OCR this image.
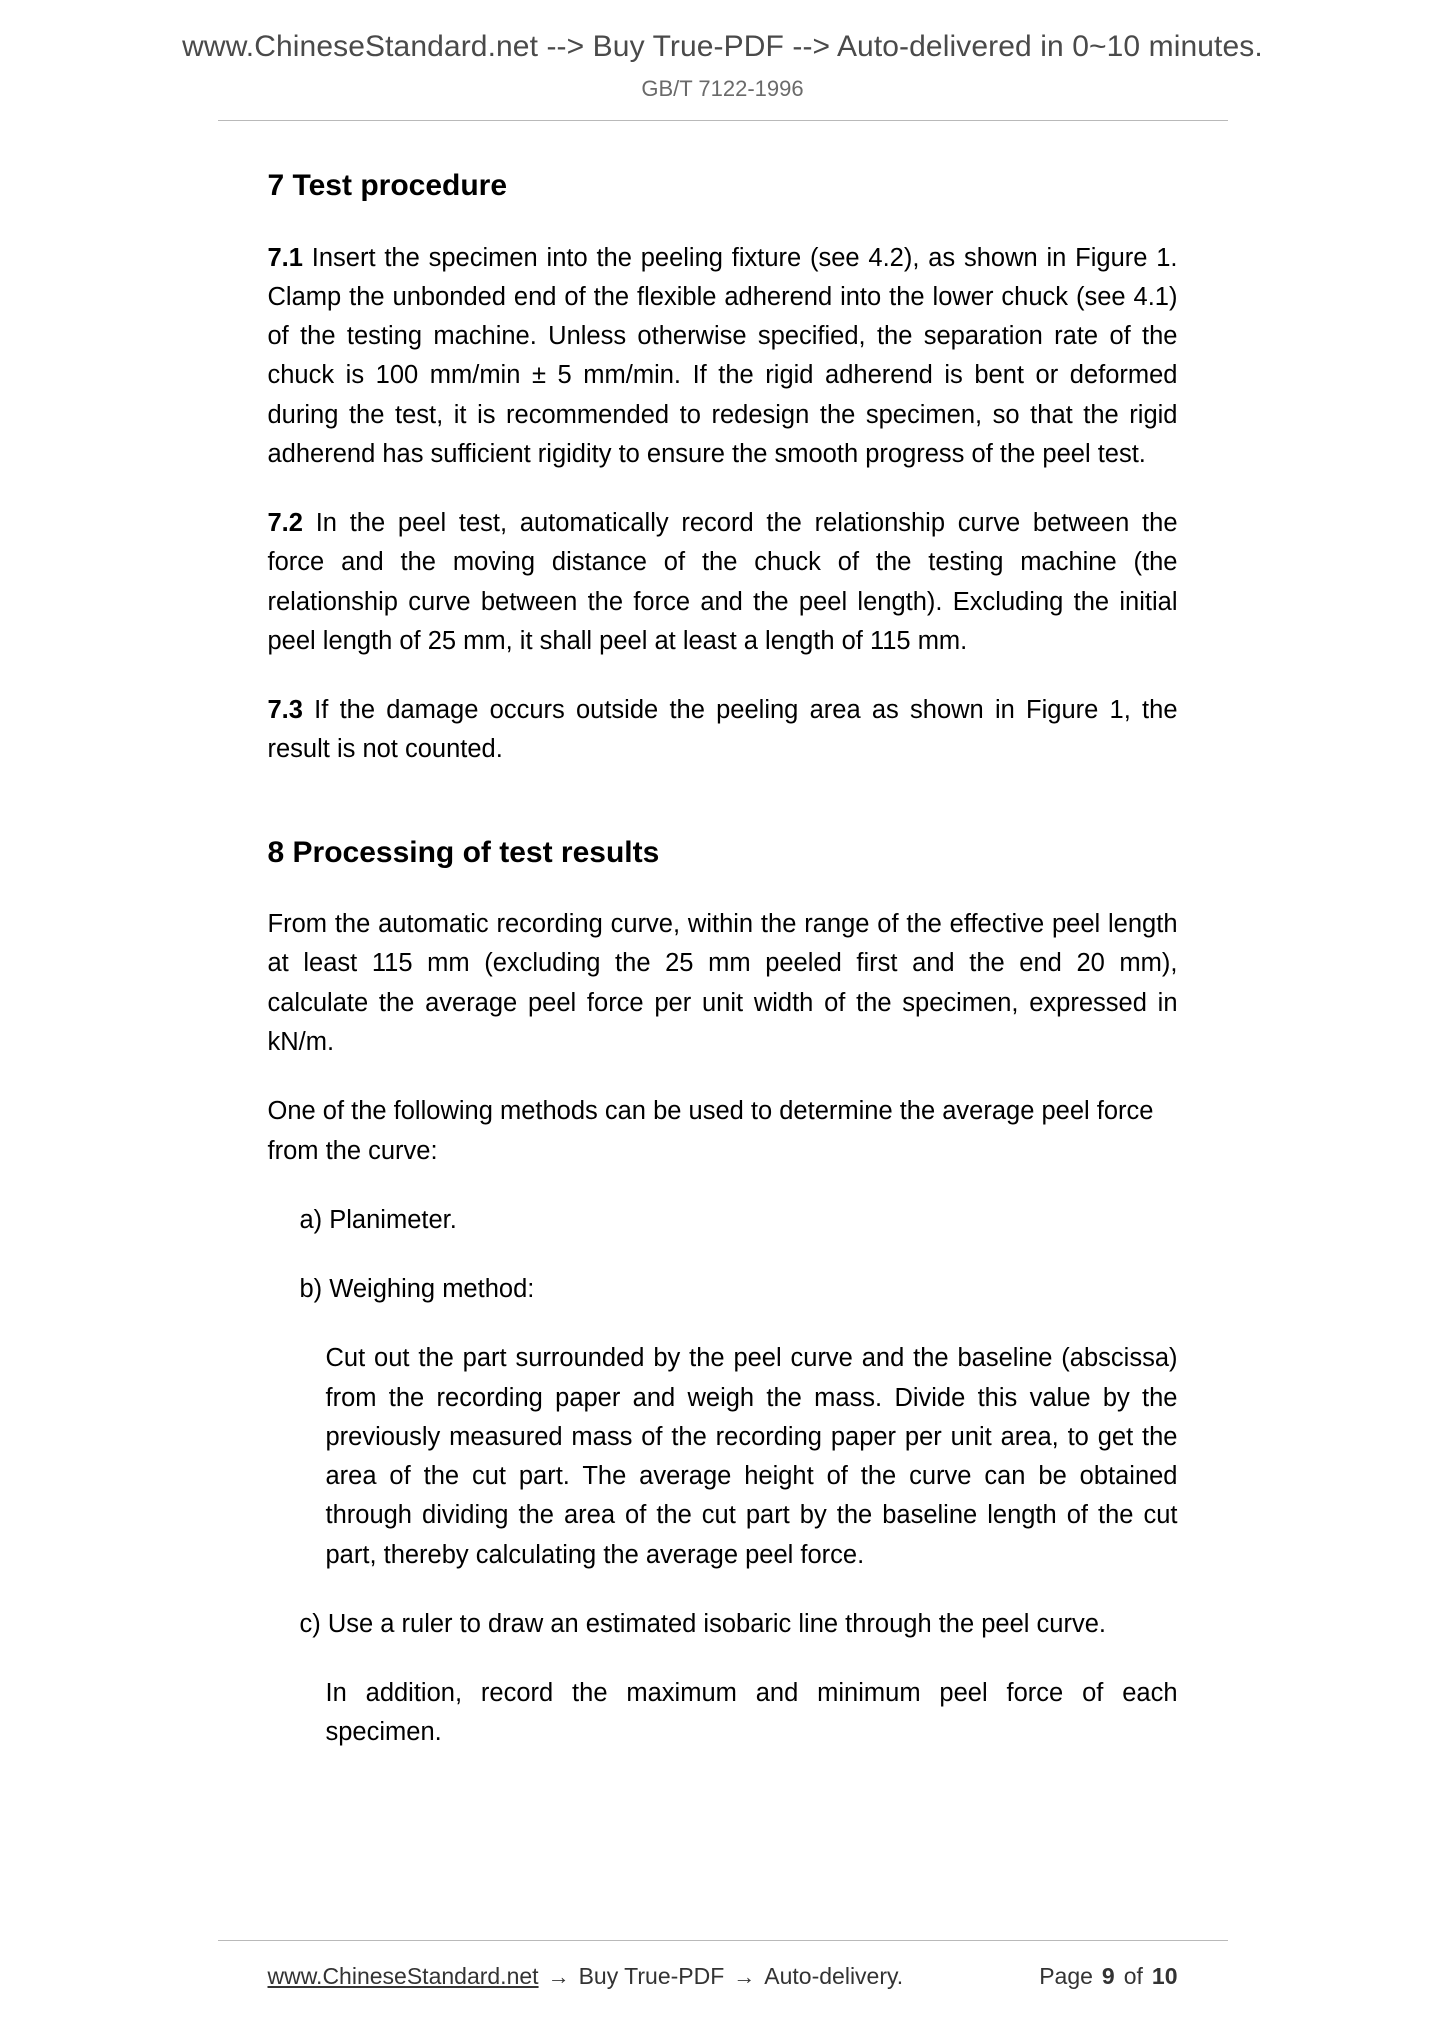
www.ChineseStandard.net --> Buy True-PDF --> Auto-delivered in 0~10 minutes.
GB/T 7122-1996
7 Test procedure

7.1 Insert the specimen into the peeling fixture (see 4.2), as shown in Figure 1. Clamp the unbonded end of the flexible adherend into the lower chuck (see 4.1) of the testing machine. Unless otherwise specified, the separation rate of the chuck is 100 mm/min ± 5 mm/min. If the rigid adherend is bent or deformed during the test, it is recommended to redesign the specimen, so that the rigid adherend has sufficient rigidity to ensure the smooth progress of the peel test.

7.2 In the peel test, automatically record the relationship curve between the force and the moving distance of the chuck of the testing machine (the relationship curve between the force and the peel length). Excluding the initial peel length of 25 mm, it shall peel at least a length of 115 mm.

7.3 If the damage occurs outside the peeling area as shown in Figure 1, the result is not counted.

8 Processing of test results

From the automatic recording curve, within the range of the effective peel length at least 115 mm (excluding the 25 mm peeled first and the end 20 mm), calculate the average peel force per unit width of the specimen, expressed in kN/m.

One of the following methods can be used to determine the average peel force from the curve:

a) Planimeter.

b) Weighing method:

Cut out the part surrounded by the peel curve and the baseline (abscissa) from the recording paper and weigh the mass. Divide this value by the previously measured mass of the recording paper per unit area, to get the area of the cut part. The average height of the curve can be obtained through dividing the area of the cut part by the baseline length of the cut part, thereby calculating the average peel force.

c) Use a ruler to draw an estimated isobaric line through the peel curve.

In addition, record the maximum and minimum peel force of each specimen.

www.ChineseStandard.net → Buy True-PDF → Auto-delivery.	Page 9 of 10
